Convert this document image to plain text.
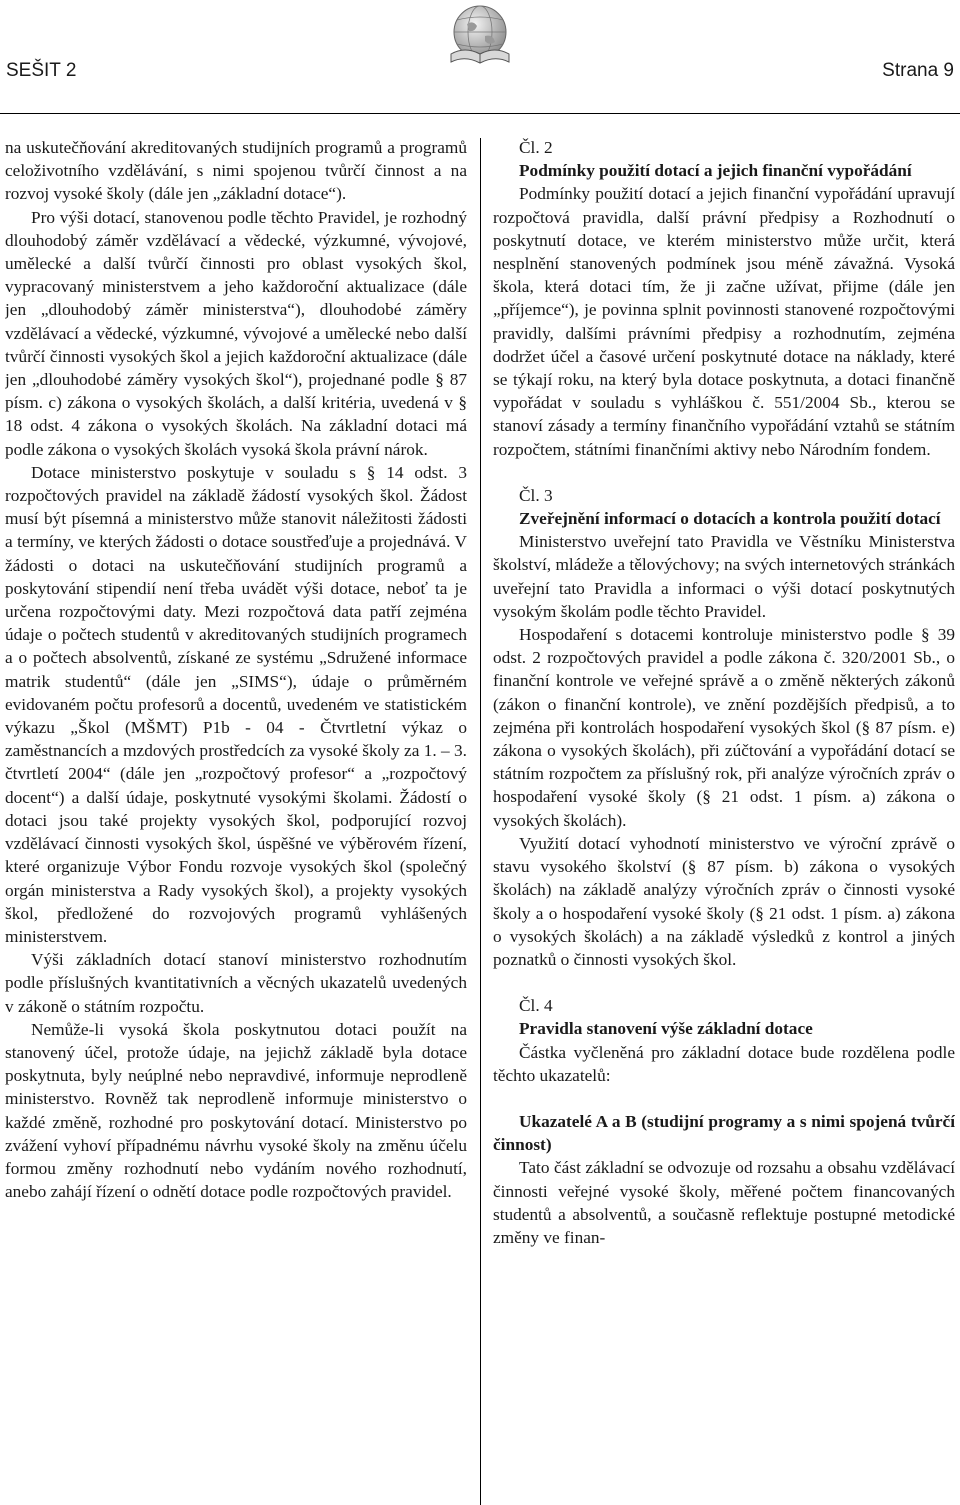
SEŠIT 2	Strana 9

na uskutečňování akreditovaných studijních programů a programů celoživotního vzdělávání, s nimi spojenou tvůrčí činnost a na rozvoj vysoké školy (dále jen „základní dotace“).

Pro výši dotací, stanovenou podle těchto Pravidel, je rozhodný dlouhodobý záměr vzdělávací a vědecké, výzkumné, vývojové, umělecké a další tvůrčí činnosti pro oblast vysokých škol, vypracovaný ministerstvem a jeho každoroční aktualizace (dále jen „dlouhodobý záměr ministerstva“), dlouhodobé záměry vzdělávací a vědecké, výzkumné, vývojové a umělecké nebo další tvůrčí činnosti vysokých škol a jejich každoroční aktualizace (dále jen „dlouhodobé záměry vysokých škol“), projednané podle § 87 písm. c) zákona o vysokých školách, a další kritéria, uvedená v § 18 odst. 4 zákona o vysokých školách. Na základní dotaci má podle zákona o vysokých školách vysoká škola právní nárok.

Dotace ministerstvo poskytuje v souladu s § 14 odst. 3 rozpočtových pravidel na základě žádostí vysokých škol. Žádost musí být písemná a ministerstvo může stanovit náležitosti žádosti a termíny, ve kterých žádosti o dotace soustřeďuje a projednává. V žádosti o dotaci na uskutečňování studijních programů a poskytování stipendií není třeba uvádět výši dotace, neboť ta je určena rozpočtovými daty. Mezi rozpočtová data patří zejména údaje o počtech studentů v akreditovaných studijních programech a o počtech absolventů, získané ze systému „Sdružené informace matrik studentů“ (dále jen „SIMS“), údaje o průměrném evidovaném počtu profesorů a docentů, uvedeném ve statistickém výkazu „Škol (MŠMT) P1b - 04 - Čtvrtletní výkaz o zaměstnancích a mzdových prostředcích za vysoké školy za 1. – 3. čtvrtletí 2004“ (dále jen „rozpočtový profesor“ a „rozpočtový docent“) a další údaje, poskytnuté vysokými školami. Žádostí o dotaci jsou také projekty vysokých škol, podporující rozvoj vzdělávací činnosti vysokých škol, úspěšné ve výběrovém řízení, které organizuje Výbor Fondu rozvoje vysokých škol (společný orgán ministerstva a Rady vysokých škol), a projekty vysokých škol, předložené do rozvojových programů vyhlášených ministerstvem.

Výši základních dotací stanoví ministerstvo rozhodnutím podle příslušných kvantitativních a věcných ukazatelů uvedených v zákoně o státním rozpočtu.

Nemůže-li vysoká škola poskytnutou dotaci použít na stanovený účel, protože údaje, na jejichž základě byla dotace poskytnuta, byly neúplné nebo nepravdivé, informuje neprodleně ministerstvo. Rovněž tak neprodleně informuje ministerstvo o každé změně, rozhodné pro poskytování dotací. Ministerstvo po zvážení vyhoví případnému návrhu vysoké školy na změnu účelu formou změny rozhodnutí nebo vydáním nového rozhodnutí, anebo zahájí řízení o odnětí dotace podle rozpočtových pravidel.

Čl. 2

Podmínky použití dotací a jejich finanční vypořádání

Podmínky použití dotací a jejich finanční vypořádání upravují rozpočtová pravidla, další právní předpisy a Rozhodnutí o poskytnutí dotace, ve kterém ministerstvo může určit, která nesplnění stanovených podmínek jsou méně závažná. Vysoká škola, která dotaci tím, že ji začne užívat, přijme (dále jen „příjemce“), je povinna splnit povinnosti stanovené rozpočtovými pravidly, dalšími právními předpisy a rozhodnutím, zejména dodržet účel a časové určení poskytnuté dotace na náklady, které se týkají roku, na který byla dotace poskytnuta, a dotaci finančně vypořádat v souladu s vyhláškou č. 551/2004 Sb., kterou se stanoví zásady a termíny finančního vypořádání vztahů se státním rozpočtem, státními finančními aktivy nebo Národním fondem.

Čl. 3

Zveřejnění informací o dotacích a kontrola použití dotací

Ministerstvo uveřejní tato Pravidla ve Věstníku Ministerstva školství, mládeže a tělovýchovy; na svých internetových stránkách uveřejní tato Pravidla a informaci o výši dotací poskytnutých vysokým školám podle těchto Pravidel.

Hospodaření s dotacemi kontroluje ministerstvo podle § 39 odst. 2 rozpočtových pravidel a podle zákona č. 320/2001 Sb., o finanční kontrole ve veřejné správě a o změně některých zákonů (zákon o finanční kontrole), ve znění pozdějších předpisů, a to zejména při kontrolách hospodaření vysokých škol (§ 87 písm. e) zákona o vysokých školách), při zúčtování a vypořádání dotací se státním rozpočtem za příslušný rok, při analýze výročních zpráv o hospodaření vysoké školy (§ 21 odst. 1 písm. a) zákona o vysokých školách).

Využití dotací vyhodnotí ministerstvo ve výroční zprávě o stavu vysokého školství (§ 87 písm. b) zákona o vysokých školách) na základě analýzy výročních zpráv o činnosti vysoké školy a o hospodaření vysoké školy (§ 21 odst. 1 písm. a) zákona o vysokých školách) a na základě výsledků z kontrol a jiných poznatků o činnosti vysokých škol.

Čl. 4

Pravidla stanovení výše základní dotace

Částka vyčleněná pro základní dotace bude rozdělena podle těchto ukazatelů:

Ukazatelé A a B (studijní programy a s nimi spojená tvůrčí činnost)

Tato část základní se odvozuje od rozsahu a obsahu vzdělávací činnosti veřejné vysoké školy, měřené počtem financovaných studentů a absolventů, a současně reflektuje postupné metodické změny ve finan-
